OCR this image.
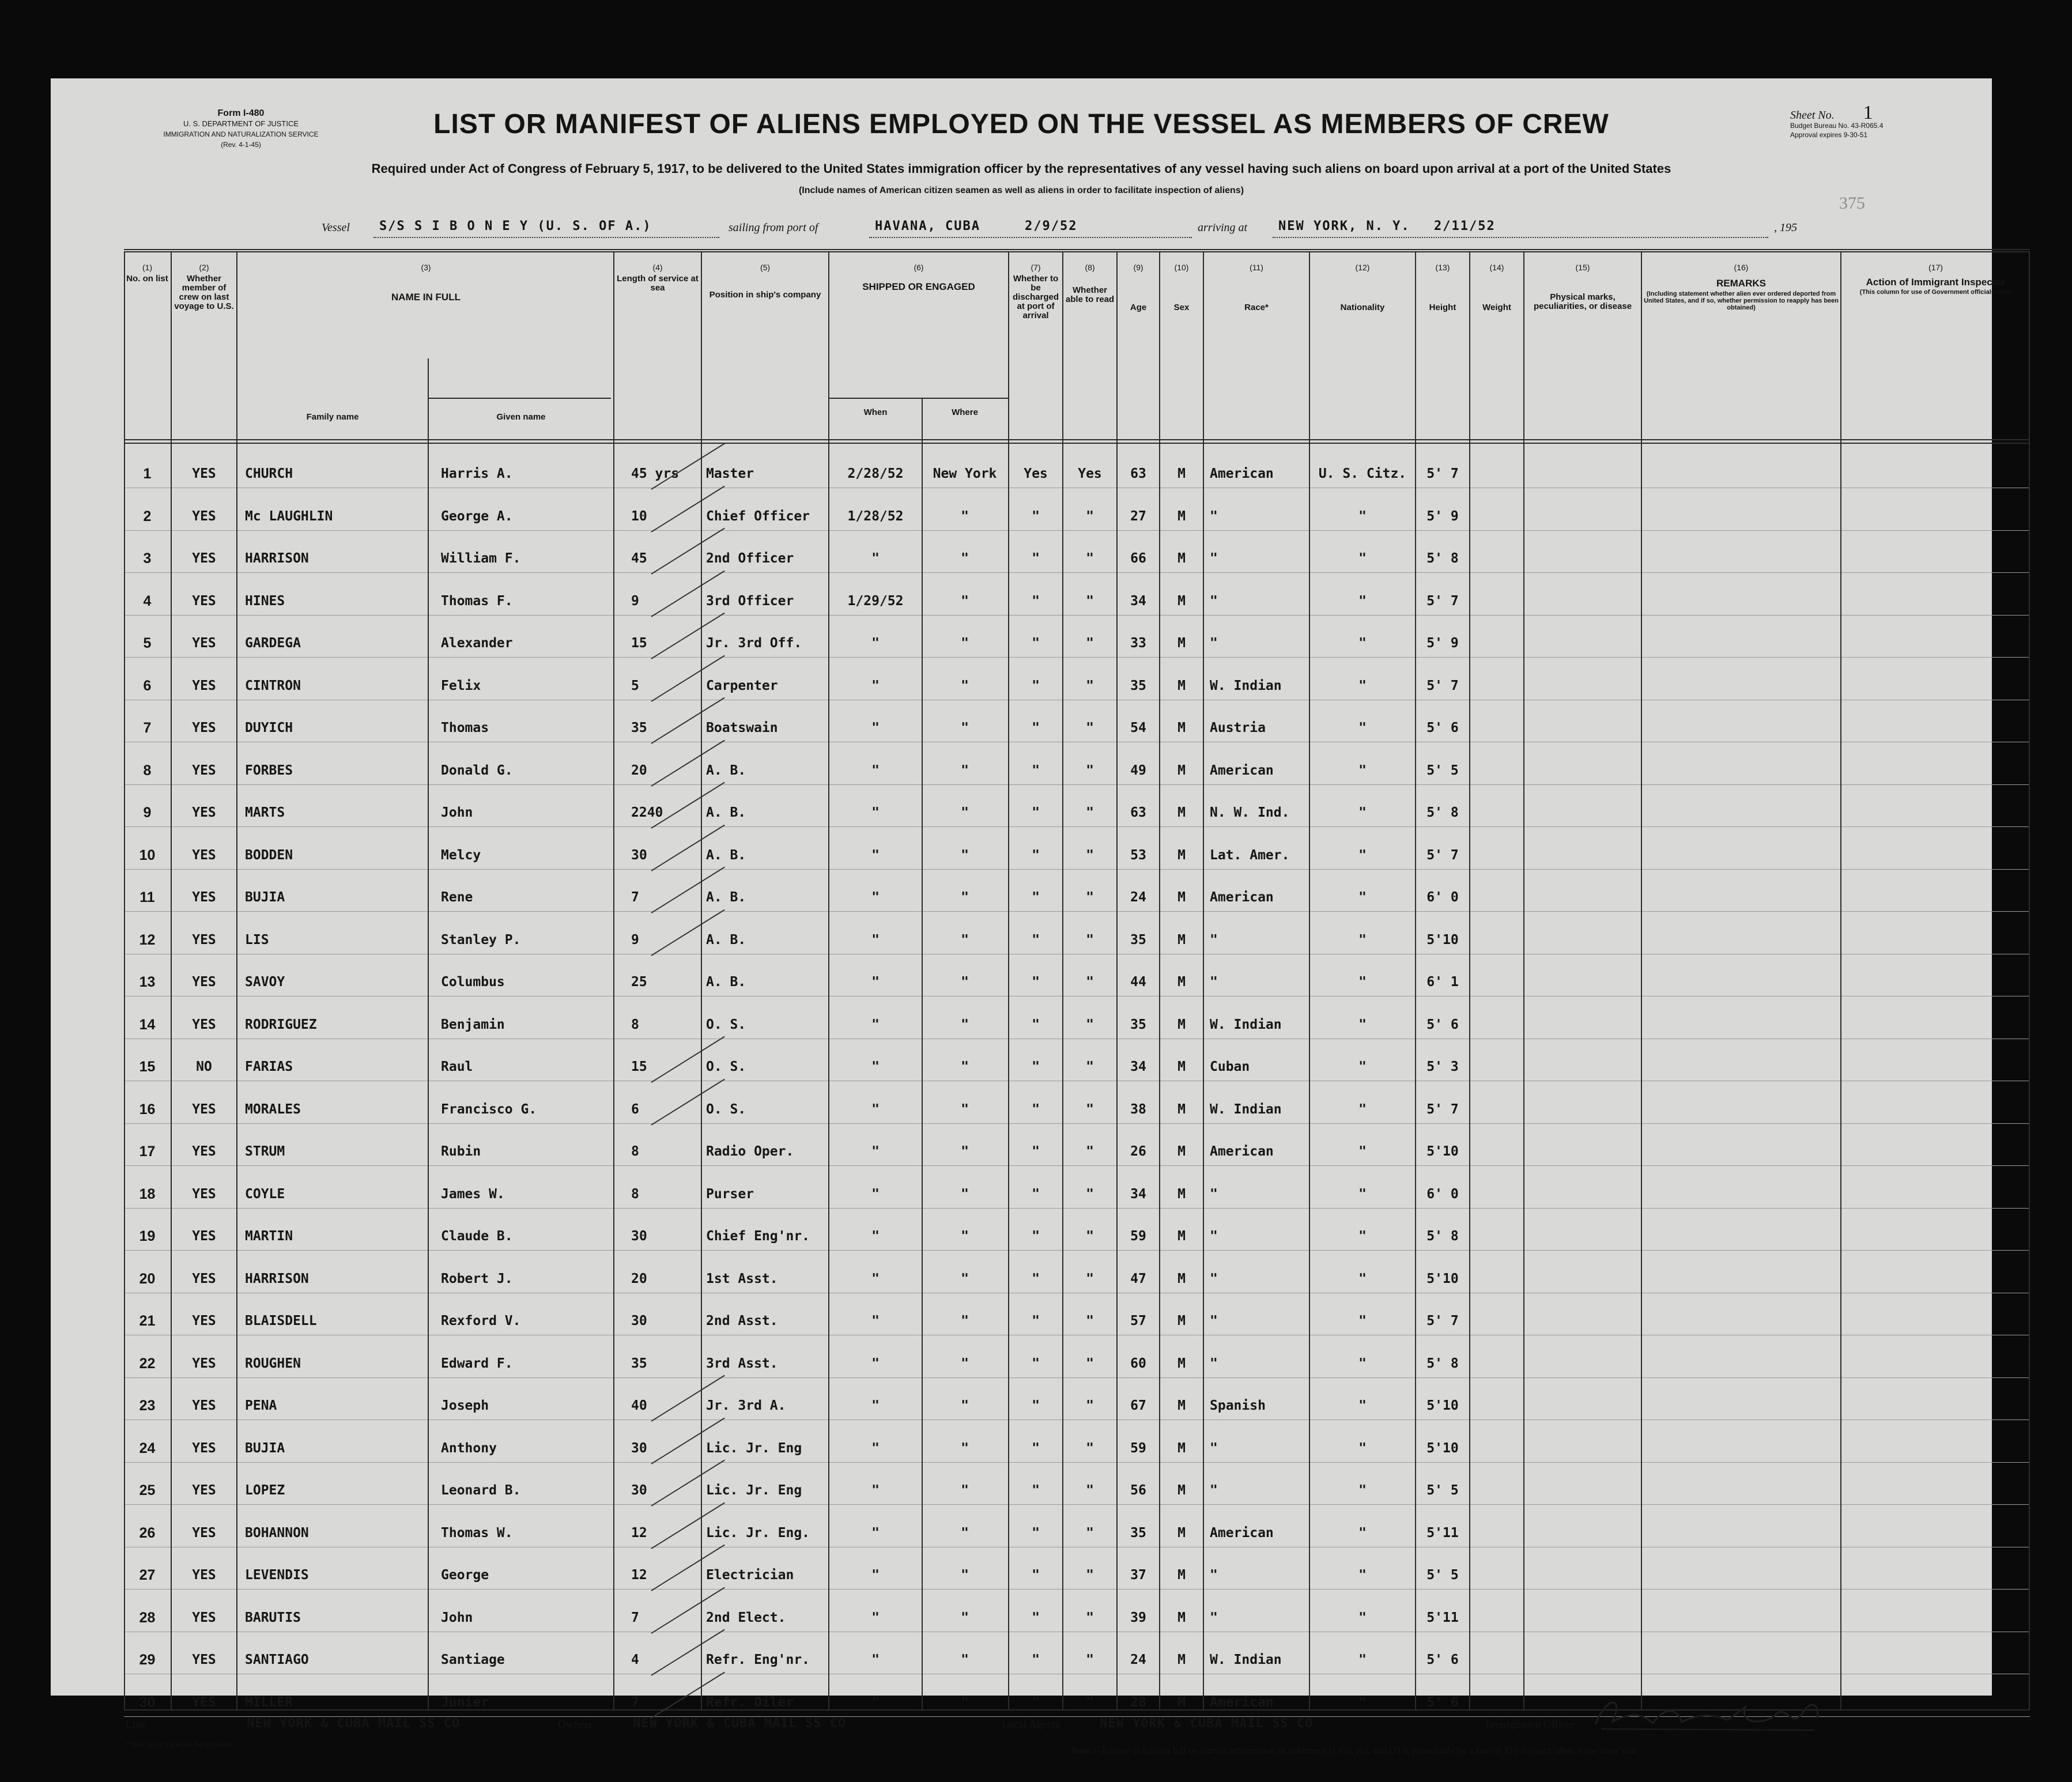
Form I-480
U. S. DEPARTMENT OF JUSTICE
IMMIGRATION AND NATURALIZATION SERVICE
(Rev. 4-1-45)
LIST OR MANIFEST OF ALIENS EMPLOYED ON THE VESSEL AS MEMBERS OF CREW	Sheet No. 1
Budget Bureau No. 43-R065.4
Approval expires 9-30-51
375
Required under Act of Congress of February 5, 1917, to be delivered to the United States immigration officer by the representatives of any vessel having such aliens on board upon arrival at a port of the United States
(Include names of American citizen seamen as well as aliens in order to facilitate inspection of aliens)
Vessel S/S S I B O N E Y (U. S. OF A.)	sailing from port of	HAVANA, CUBA	2/9/52	arriving at NEW YORK, N. Y. 2/11/52	, 195
(1)
No. on list
(2)
Whether member of crew on last voyage to U.S.
(3)
NAME IN FULL
Family name	Given name
(4)
Length of service at sea
(5)
Position in ship's company
(6)
SHIPPED OR ENGAGED
When	Where
(7)
Whether to be discharged at port of arrival
(8)
Whether able to read
(9)
Age
(10)
Sex
(11)
Race*
(12)
Nationality
(13)
Height
(14)
Weight
(15)
Physical marks, peculiarities, or disease
(16)
REMARKS
(Including statement whether alien ever ordered deported from United States, and if so, whether permission to reapply has been obtained)
(17)
Action of Immigrant Inspector
(This column for use of Government officials only)
1	YES	CHURCH	Harris A.	45 yrs	Master	2/28/52	New York	Yes	Yes	63	M	American	U. S. Citz.	5' 7
2	YES	Mc LAUGHLIN	George A.	10	Chief Officer	1/28/52	"	"	"	27	M	"	"	5' 9
3	YES	HARRISON	William F.	45	2nd Officer	"	"	"	"	66	M	"	"	5' 8
4	YES	HINES	Thomas F.	9	3rd Officer	1/29/52	"	"	"	34	M	"	"	5' 7
5	YES	GARDEGA	Alexander	15	Jr. 3rd Off.	"	"	"	"	33	M	"	"	5' 9
6	YES	CINTRON	Felix	5	Carpenter	"	"	"	"	35	M	W. Indian	"	5' 7
7	YES	DUYICH	Thomas	35	Boatswain	"	"	"	"	54	M	Austria	"	5' 6
8	YES	FORBES	Donald G.	20	A. B.	"	"	"	"	49	M	American	"	5' 5
9	YES	MARTS	John	2240	A. B.	"	"	"	"	63	M	N. W. Ind.	"	5' 8
10	YES	BODDEN	Melcy	30	A. B.	"	"	"	"	53	M	Lat. Amer.	"	5' 7
11	YES	BUJIA	Rene	7	A. B.	"	"	"	"	24	M	American	"	6' 0
12	YES	LIS	Stanley P.	9	A. B.	"	"	"	"	35	M	"	"	5'10
13	YES	SAVOY	Columbus	25	A. B.	"	"	"	"	44	M	"	"	6' 1
14	YES	RODRIGUEZ	Benjamin	8	O. S.	"	"	"	"	35	M	W. Indian	"	5' 6
15	NO	FARIAS	Raul	15	O. S.	"	"	"	"	34	M	Cuban	"	5' 3
16	YES	MORALES	Francisco G.	6	O. S.	"	"	"	"	38	M	W. Indian	"	5' 7
17	YES	STRUM	Rubin	8	Radio Oper.	"	"	"	"	26	M	American	"	5'10
18	YES	COYLE	James W.	8	Purser	"	"	"	"	34	M	"	"	6' 0
19	YES	MARTIN	Claude B.	30	Chief Eng'nr.	"	"	"	"	59	M	"	"	5' 8
20	YES	HARRISON	Robert J.	20	1st Asst.	"	"	"	"	47	M	"	"	5'10
21	YES	BLAISDELL	Rexford V.	30	2nd Asst.	"	"	"	"	57	M	"	"	5' 7
22	YES	ROUGHEN	Edward F.	35	3rd Asst.	"	"	"	"	60	M	"	"	5' 8
23	YES	PENA	Joseph	40	Jr. 3rd A.	"	"	"	"	67	M	Spanish	"	5'10
24	YES	BUJIA	Anthony	30	Lic. Jr. Eng	"	"	"	"	59	M	"	"	5'10
25	YES	LOPEZ	Leonard B.	30	Lic. Jr. Eng	"	"	"	"	56	M	"	"	5' 5
26	YES	BOHANNON	Thomas W.	12	Lic. Jr. Eng.	"	"	"	"	35	M	American	"	5'11
27	YES	LEVENDIS	George	12	Electrician	"	"	"	"	37	M	"	"	5' 5
28	YES	BARUTIS	John	7	2nd Elect.	"	"	"	"	39	M	"	"	5'11
29	YES	SANTIAGO	Santiage	4	Refr. Eng'nr.	"	"	"	"	24	M	W. Indian	"	5' 6
30	YES	MILLER	Junier	7	Refr. Oiler	"	"	"	"	28	M	American	"	5' 6
Line	NEW YORK & CUBA MAIL SS CO	Owners	NEW YORK & CUBA MAIL SS CO	Local Agents	NEW YORK & CUBA MAIL SS CO	Immigration Officer
* See list of races on back hereof.
Note.—Failure to furnish full or correct information in columns (3), (5), (6), and (7) is punishable by a fine of $10 for each alien. (See other side
